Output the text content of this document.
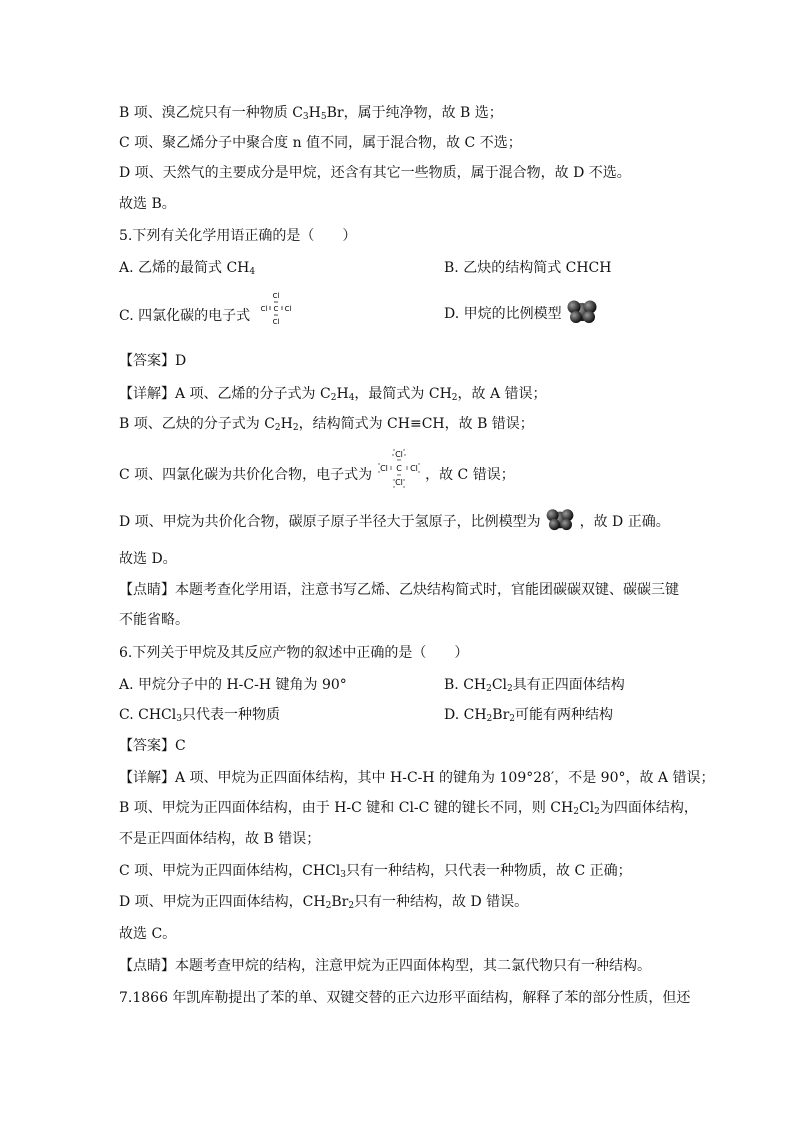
B 项、溴乙烷只有一种物质 $C_3H_5Br$，属于纯净物，故 B 选；
C 项、聚乙烯分子中聚合度 n 值不同，属于混合物，故 C 不选；
D 项、天然气的主要成分是甲烷，还含有其它一些物质，属于混合物，故 D 不选。
故选 B。
5.下列有关化学用语正确的是（　　）
A. 乙烯的最简式 $CH_4$	B. 乙炔的结构简式 CHCH
C. 四氯化碳的电子式
Cl
Cl C Cl
Cl	D. 甲烷的比例模型
【答案】D
【详解】A 项、乙烯的分子式为 $C_2H_4$，最简式为 $CH_2$，故 A 错误；
B 项、乙炔的分子式为 $C_2H_2$，结构简式为 CH≡CH，故 B 错误；
C 项、四氯化碳为共价化合物，电子式为
Cl
Cl C Cl
Cl ，故 C 错误；
D 项、甲烷为共价化合物，碳原子原子半径大于氢原子，比例模型为	，故 D 正确。
故选 D。
【点睛】本题考查化学用语，注意书写乙烯、乙炔结构简式时，官能团碳碳双键、碳碳三键
不能省略。
6.下列关于甲烷及其反应产物的叙述中正确的是（　　）
A. 甲烷分子中的 H-C-H 键角为 90°	B. $CH_2Cl_2$具有正四面体结构
C. CHCl$_3$只代表一种物质	D. $CH_2Br_2$可能有两种结构
【答案】C
【详解】A 项、甲烷为正四面体结构，其中 H-C-H 的键角为 109°28′，不是 90°，故 A 错误；
B 项、甲烷为正四面体结构，由于 H-C 键和 Cl-C 键的键长不同，则 $CH_2Cl_2$为四面体结构，
不是正四面体结构，故 B 错误；
C 项、甲烷为正四面体结构，CHCl$_3$只有一种结构，只代表一种物质，故 C 正确；
D 项、甲烷为正四面体结构，$CH_2Br_2$只有一种结构，故 D 错误。
故选 C。
【点睛】本题考查甲烷的结构，注意甲烷为正四面体构型，其二氯代物只有一种结构。
7.1866 年凯库勒提出了苯的单、双键交替的正六边形平面结构，解释了苯的部分性质，但还
